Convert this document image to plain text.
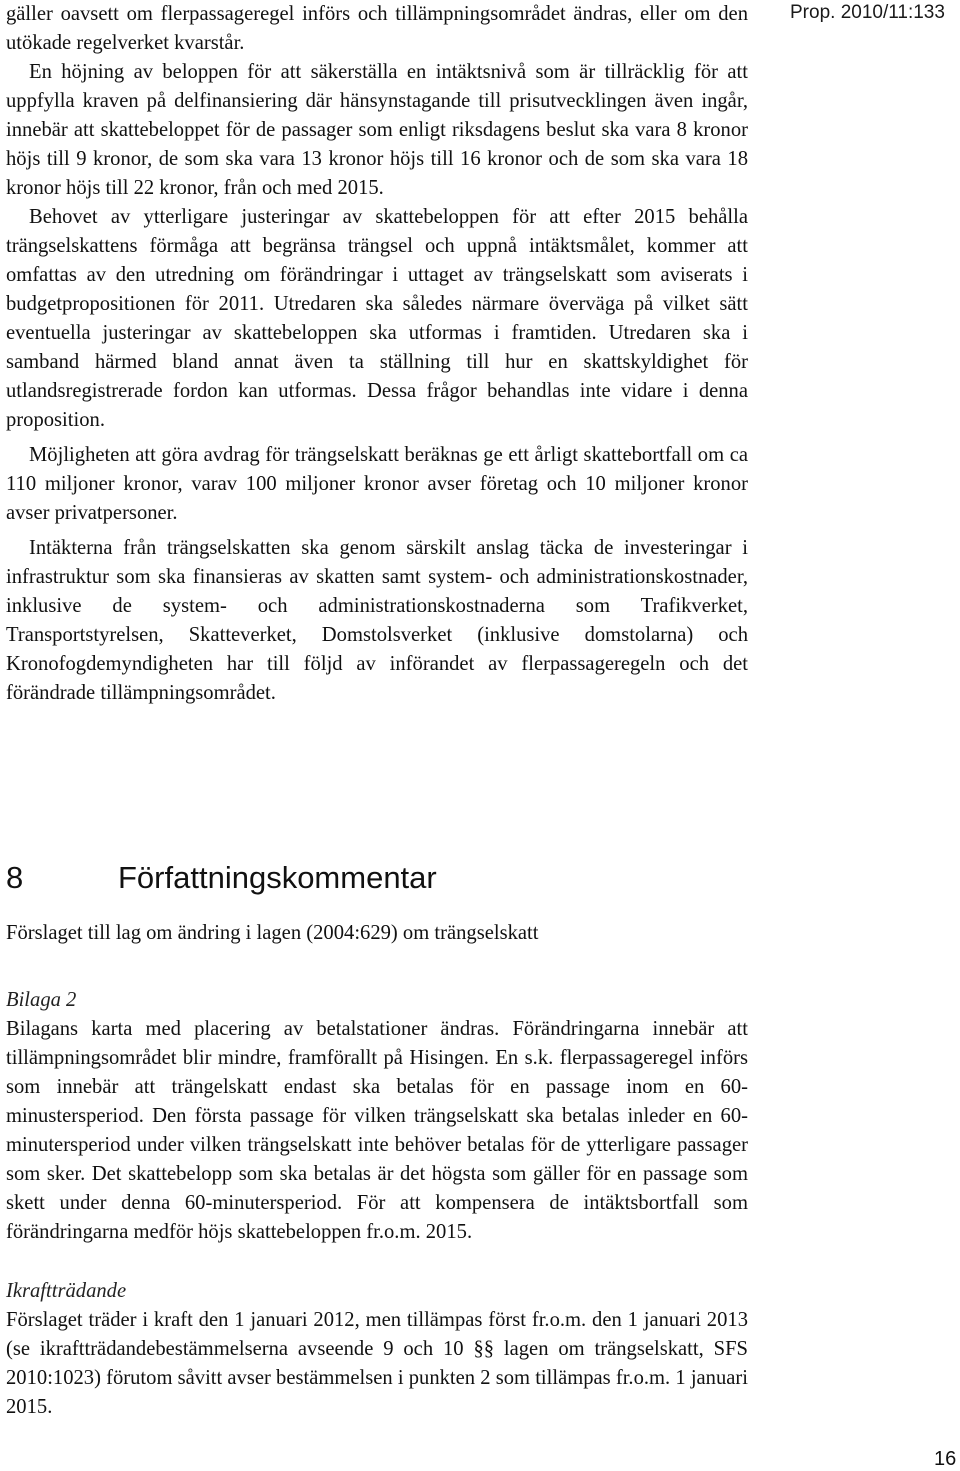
Prop. 2010/11:133

gäller oavsett om flerpassageregel införs och tillämpningsområdet ändras, eller om den utökade regelverket kvarstår.

En höjning av beloppen för att säkerställa en intäktsnivå som är tillräcklig för att uppfylla kraven på delfinansiering där hänsynstagande till prisutvecklingen även ingår, innebär att skattebeloppet för de passager som enligt riksdagens beslut ska vara 8 kronor höjs till 9 kronor, de som ska vara 13 kronor höjs till 16 kronor och de som ska vara 18 kronor höjs till 22 kronor, från och med 2015.

Behovet av ytterligare justeringar av skattebeloppen för att efter 2015 behålla trängselskattens förmåga att begränsa trängsel och uppnå intäktsmålet, kommer att omfattas av den utredning om förändringar i uttaget av trängselskatt som aviserats i budgetpropositionen för 2011. Utredaren ska således närmare överväga på vilket sätt eventuella justeringar av skattebeloppen ska utformas i framtiden. Utredaren ska i samband härmed bland annat även ta ställning till hur en skattskyldighet för utlandsregistrerade fordon kan utformas. Dessa frågor behandlas inte vidare i denna proposition.

Möjligheten att göra avdrag för trängselskatt beräknas ge ett årligt skattebortfall om ca 110 miljoner kronor, varav 100 miljoner kronor avser företag och 10 miljoner kronor avser privatpersoner.

Intäkterna från trängselskatten ska genom särskilt anslag täcka de investeringar i infrastruktur som ska finansieras av skatten samt system- och administrationskostnader, inklusive de system- och administrationskostnaderna som Trafikverket, Transportstyrelsen, Skatteverket, Domstolsverket (inklusive domstolarna) och Kronofogdemyndigheten har till följd av införandet av flerpassageregeln och det förändrade tillämpningsområdet.

8	Författningskommentar

Förslaget till lag om ändring i lagen (2004:629) om trängselskatt

Bilaga 2

Bilagans karta med placering av betalstationer ändras. Förändringarna innebär att tillämpningsområdet blir mindre, framförallt på Hisingen. En s.k. flerpassageregel införs som innebär att trängelskatt endast ska betalas för en passage inom en 60-minustersperiod. Den första passage för vilken trängselskatt ska betalas inleder en 60-minutersperiod under vilken trängselskatt inte behöver betalas för de ytterligare passager som sker. Det skattebelopp som ska betalas är det högsta som gäller för en passage som skett under denna 60-minutersperiod. För att kompensera de intäktsbortfall som förändringarna medför höjs skattebeloppen fr.o.m. 2015.

Ikraftträdande

Förslaget träder i kraft den 1 januari 2012, men tillämpas först fr.o.m. den 1 januari 2013 (se ikraftträdandebestämmelserna avseende 9 och 10 §§ lagen om trängselskatt, SFS 2010:1023) förutom såvitt avser bestämmelsen i punkten 2 som tillämpas fr.o.m. 1 januari 2015.

16
